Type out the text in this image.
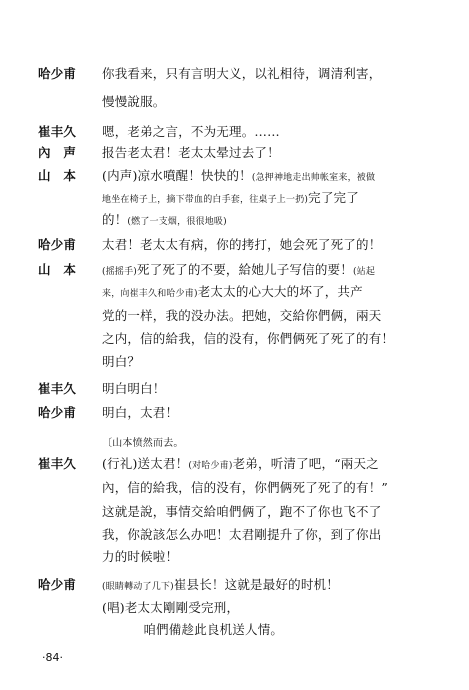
哈少甫	你我看来，只有言明大义，以礼相待，调清利害，
慢慢說服。
崔丰久	嗯，老弟之言，不为无理。……
內　声	报告老太君！老太太晕过去了！
山　本	(内声)凉水噴醒！快快的！(急押神地走出帅帐室来，被做
地坐在椅子上，摘下带血的白手套，往桌子上一扔)完了完了
的！(燃了一支烟，很很地吸)
哈少甫	太君！老太太有病，你的拷打，她会死了死了的！
山　本	(摇摇手)死了死了的不要，給她儿子写信的要！(站起
来，向崔丰久和哈少甫)老太太的心大大的坏了，共产
党的一样，我的没办法。把她，交給你們俩，兩天
之内，信的給我，信的没有，你們俩死了死了的有！
明白？
崔丰久	明白明白！
哈少甫	明白，太君！
〔山本愤然而去。
崔丰久	(行礼)送太君！(对哈少甫)老弟，听清了吧，“兩天之
內，信的給我，信的没有，你們俩死了死了的有！”
这就是說，事情交給咱們俩了，跑不了你也飞不了
我，你說該怎么办吧！太君剛提升了你，到了你出
力的时候啦！
哈少甫	(眼睛轉动了几下)崔县长！这就是最好的时机！
(唱)老太太剛剛受完刑，
　　咱們備趁此良机送人情。
·84·
